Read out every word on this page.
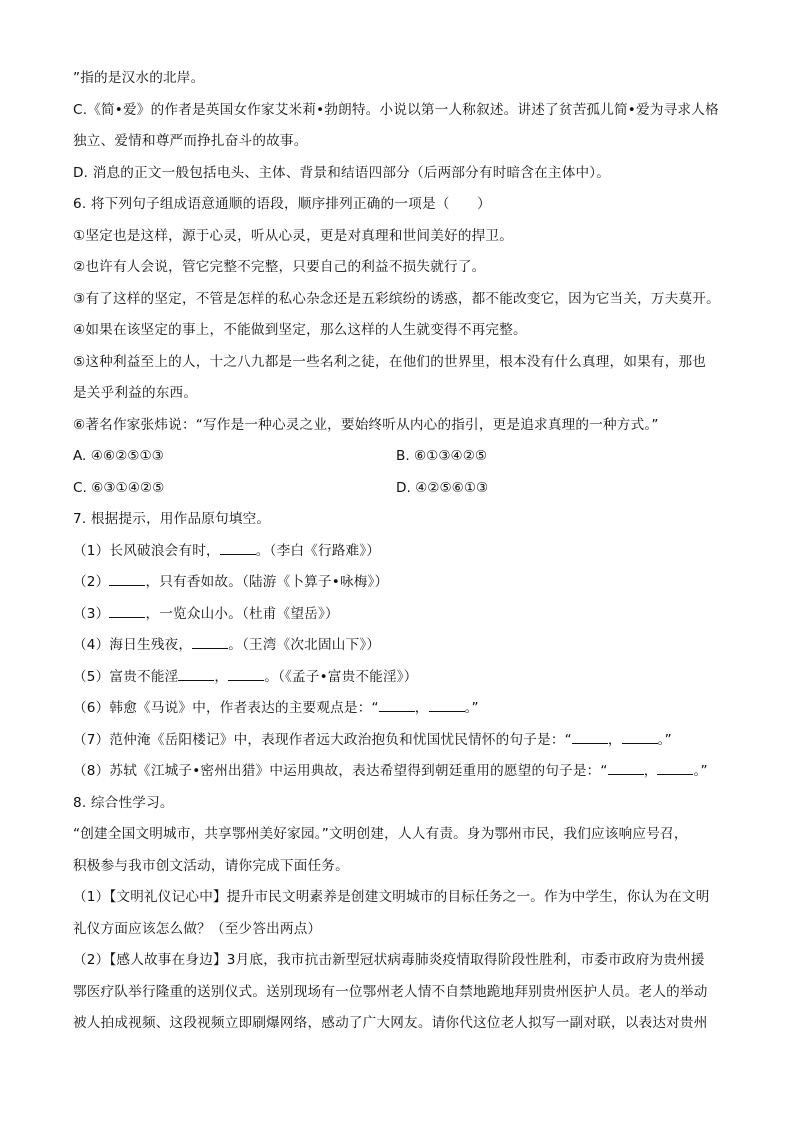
”指的是汉水的北岸。
C.《简•爱》的作者是英国女作家艾米莉•勃朗特。小说以第一人称叙述。讲述了贫苦孤儿简•爱为寻求人格
独立、爱情和尊严而挣扎奋斗的故事。
D. 消息的正文一般包括电头、主体、背景和结语四部分（后两部分有时暗含在主体中）。
6. 将下列句子组成语意通顺的语段，顺序排列正确的一项是（　　）
①坚定也是这样，源于心灵，听从心灵，更是对真理和世间美好的捍卫。
②也许有人会说，管它完整不完整，只要自己的利益不损失就行了。
③有了这样的坚定，不管是怎样的私心杂念还是五彩缤纷的诱惑，都不能改变它，因为它当关，万夫莫开。
④如果在该坚定的事上，不能做到坚定，那么这样的人生就变得不再完整。
⑤这种利益至上的人，十之八九都是一些名利之徒，在他们的世界里，根本没有什么真理，如果有，那也
是关乎利益的东西。
⑥著名作家张炜说：“写作是一种心灵之业，要始终听从内心的指引，更是追求真理的一种方式。”
A. ④⑥②⑤①③	B. ⑥①③④②⑤
C. ⑥③①④②⑤	D. ④②⑤⑥①③
7. 根据提示，用作品原句填空。
（1）长风破浪会有时，	。（李白《行路难》）
（2）	，只有香如故。（陆游《卜算子•咏梅》）
（3）	，一览众山小。（杜甫《望岳》）
（4）海日生残夜，	。（王湾《次北固山下》）
（5）富贵不能淫	，	。（《孟子•富贵不能淫》）
（6）韩愈《马说》中，作者表达的主要观点是：“	，	。”
（7）范仲淹《岳阳楼记》中，表现作者远大政治抱负和忧国忧民情怀的句子是：“	，	。”
（8）苏轼《江城子•密州出猎》中运用典故，表达希望得到朝廷重用的愿望的句子是：“	，	。”
8. 综合性学习。
“创建全国文明城市，共享鄂州美好家园。”文明创建，人人有责。身为鄂州市民，我们应该响应号召，
积极参与我市创文活动，请你完成下面任务。
（1）【文明礼仪记心中】提升市民文明素养是创建文明城市的目标任务之一。作为中学生，你认为在文明
礼仪方面应该怎么做？（至少答出两点）
（2）【感人故事在身边】3月底，我市抗击新型冠状病毒肺炎疫情取得阶段性胜利，市委市政府为贵州援
鄂医疗队举行隆重的送别仪式。送别现场有一位鄂州老人情不自禁地跪地拜别贵州医护人员。老人的举动
被人拍成视频、这段视频立即刷爆网络，感动了广大网友。请你代这位老人拟写一副对联，以表达对贵州
